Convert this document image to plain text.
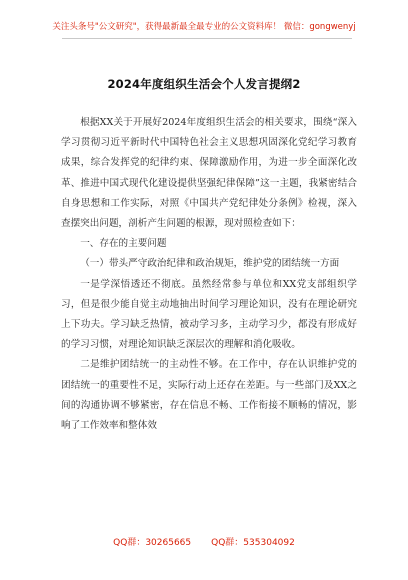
关注头条号"公文研究"，获得最新最全最专业的公文资料库！ 微信：gongwenyj
2024年度组织生活会个人发言提纲2

根据XX关于开展好2024年度组织生活会的相关要求，围绕“深入学习贯彻习近平新时代中国特色社会主义思想巩固深化党纪学习教育成果，综合发挥党的纪律约束、保障激励作用，为进一步全面深化改革、推进中国式现代化建设提供坚强纪律保障”这一主题，我紧密结合自身思想和工作实际，对照《中国共产党纪律处分条例》检视，深入查摆突出问题，剖析产生问题的根源，现对照检查如下：

一、存在的主要问题

（一）带头严守政治纪律和政治规矩，维护党的团结统一方面

一是学深悟透还不彻底。虽然经常参与单位和XX党支部组织学习，但是很少能自觉主动地抽出时间学习理论知识，没有在理论研究上下功夫。学习缺乏热情，被动学习多，主动学习少，都没有形成好的学习习惯，对理论知识缺乏深层次的理解和消化吸收。

二是维护团结统一的主动性不够。在工作中，存在认识维护党的团结统一的重要性不足，实际行动上还存在差距。与一些部门及XX之间的沟通协调不够紧密，存在信息不畅、工作衔接不顺畅的情况，影响了工作效率和整体效

QQ群：30265665 QQ群：535304092
